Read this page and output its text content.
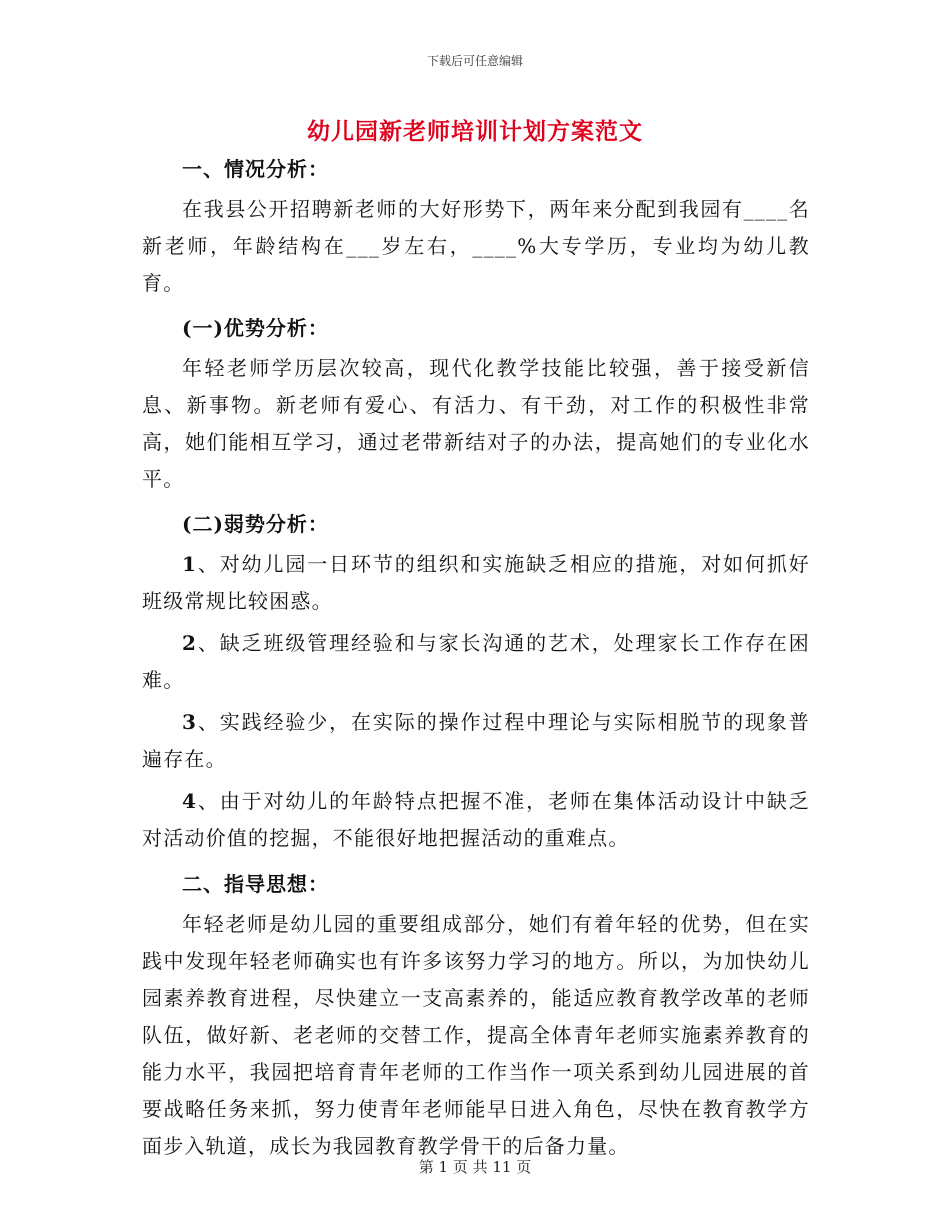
下载后可任意编辑
幼儿园新老师培训计划方案范文

一、情况分析：

在我县公开招聘新老师的大好形势下，两年来分配到我园有____名新老师，年龄结构在___岁左右，____%大专学历，专业均为幼儿教育。

(一)优势分析：

年轻老师学历层次较高，现代化教学技能比较强，善于接受新信息、新事物。新老师有爱心、有活力、有干劲，对工作的积极性非常高，她们能相互学习，通过老带新结对子的办法，提高她们的专业化水平。

(二)弱势分析：

1、对幼儿园一日环节的组织和实施缺乏相应的措施，对如何抓好班级常规比较困惑。

2、缺乏班级管理经验和与家长沟通的艺术，处理家长工作存在困难。

3、实践经验少，在实际的操作过程中理论与实际相脱节的现象普遍存在。

4、由于对幼儿的年龄特点把握不准，老师在集体活动设计中缺乏对活动价值的挖掘，不能很好地把握活动的重难点。

二、指导思想：

年轻老师是幼儿园的重要组成部分，她们有着年轻的优势，但在实践中发现年轻老师确实也有许多该努力学习的地方。所以，为加快幼儿园素养教育进程，尽快建立一支高素养的，能适应教育教学改革的老师队伍，做好新、老老师的交替工作，提高全体青年老师实施素养教育的能力水平，我园把培育青年老师的工作当作一项关系到幼儿园进展的首要战略任务来抓，努力使青年老师能早日进入角色，尽快在教育教学方面步入轨道，成长为我园教育教学骨干的后备力量。

第 1 页 共 11 页
